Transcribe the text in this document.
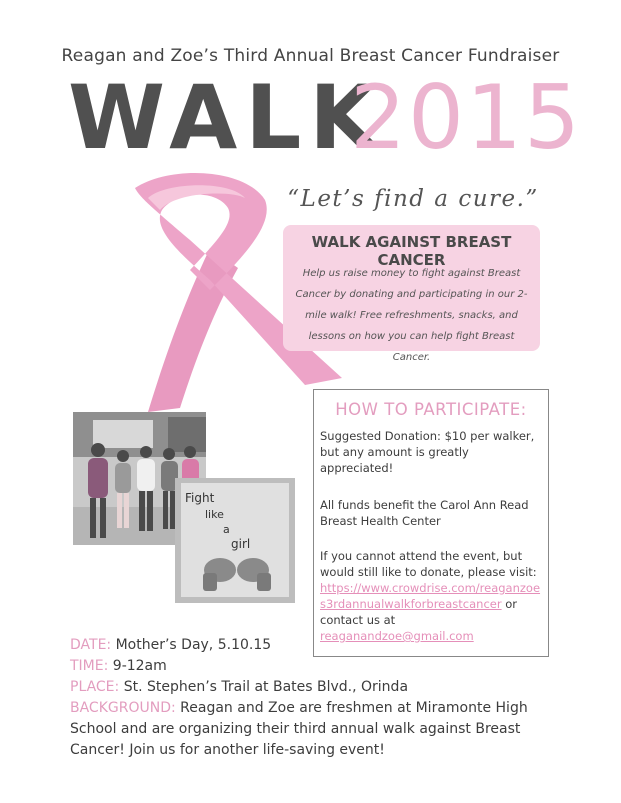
Reagan and Zoe’s Third Annual Breast Cancer Fundraiser
WALK
2015
“Let’s find a cure.”
WALK AGAINST BREAST CANCER
Help us raise money to fight against Breast Cancer by donating and participating in our 2-mile walk! Free refreshments, snacks, and lessons on how you can help fight Breast Cancer.
HOW TO PARTICIPATE:
Suggested Donation: $10 per walker, but any amount is greatly appreciated!
All funds benefit the Carol Ann Read Breast Health Center
If you cannot attend the event, but would still like to donate, please visit: https://www.crowdrise.com/reaganzoes3rdannualwalkforbreastcancer or contact us at reaganandzoe@gmail.com
Fight
like
a
girl
DATE: Mother’s Day, 5.10.15
TIME: 9-12am
PLACE: St. Stephen’s Trail at Bates Blvd., Orinda
BACKGROUND: Reagan and Zoe are freshmen at Miramonte High School and are organizing their third annual walk against Breast Cancer! Join us for another life-saving event!
